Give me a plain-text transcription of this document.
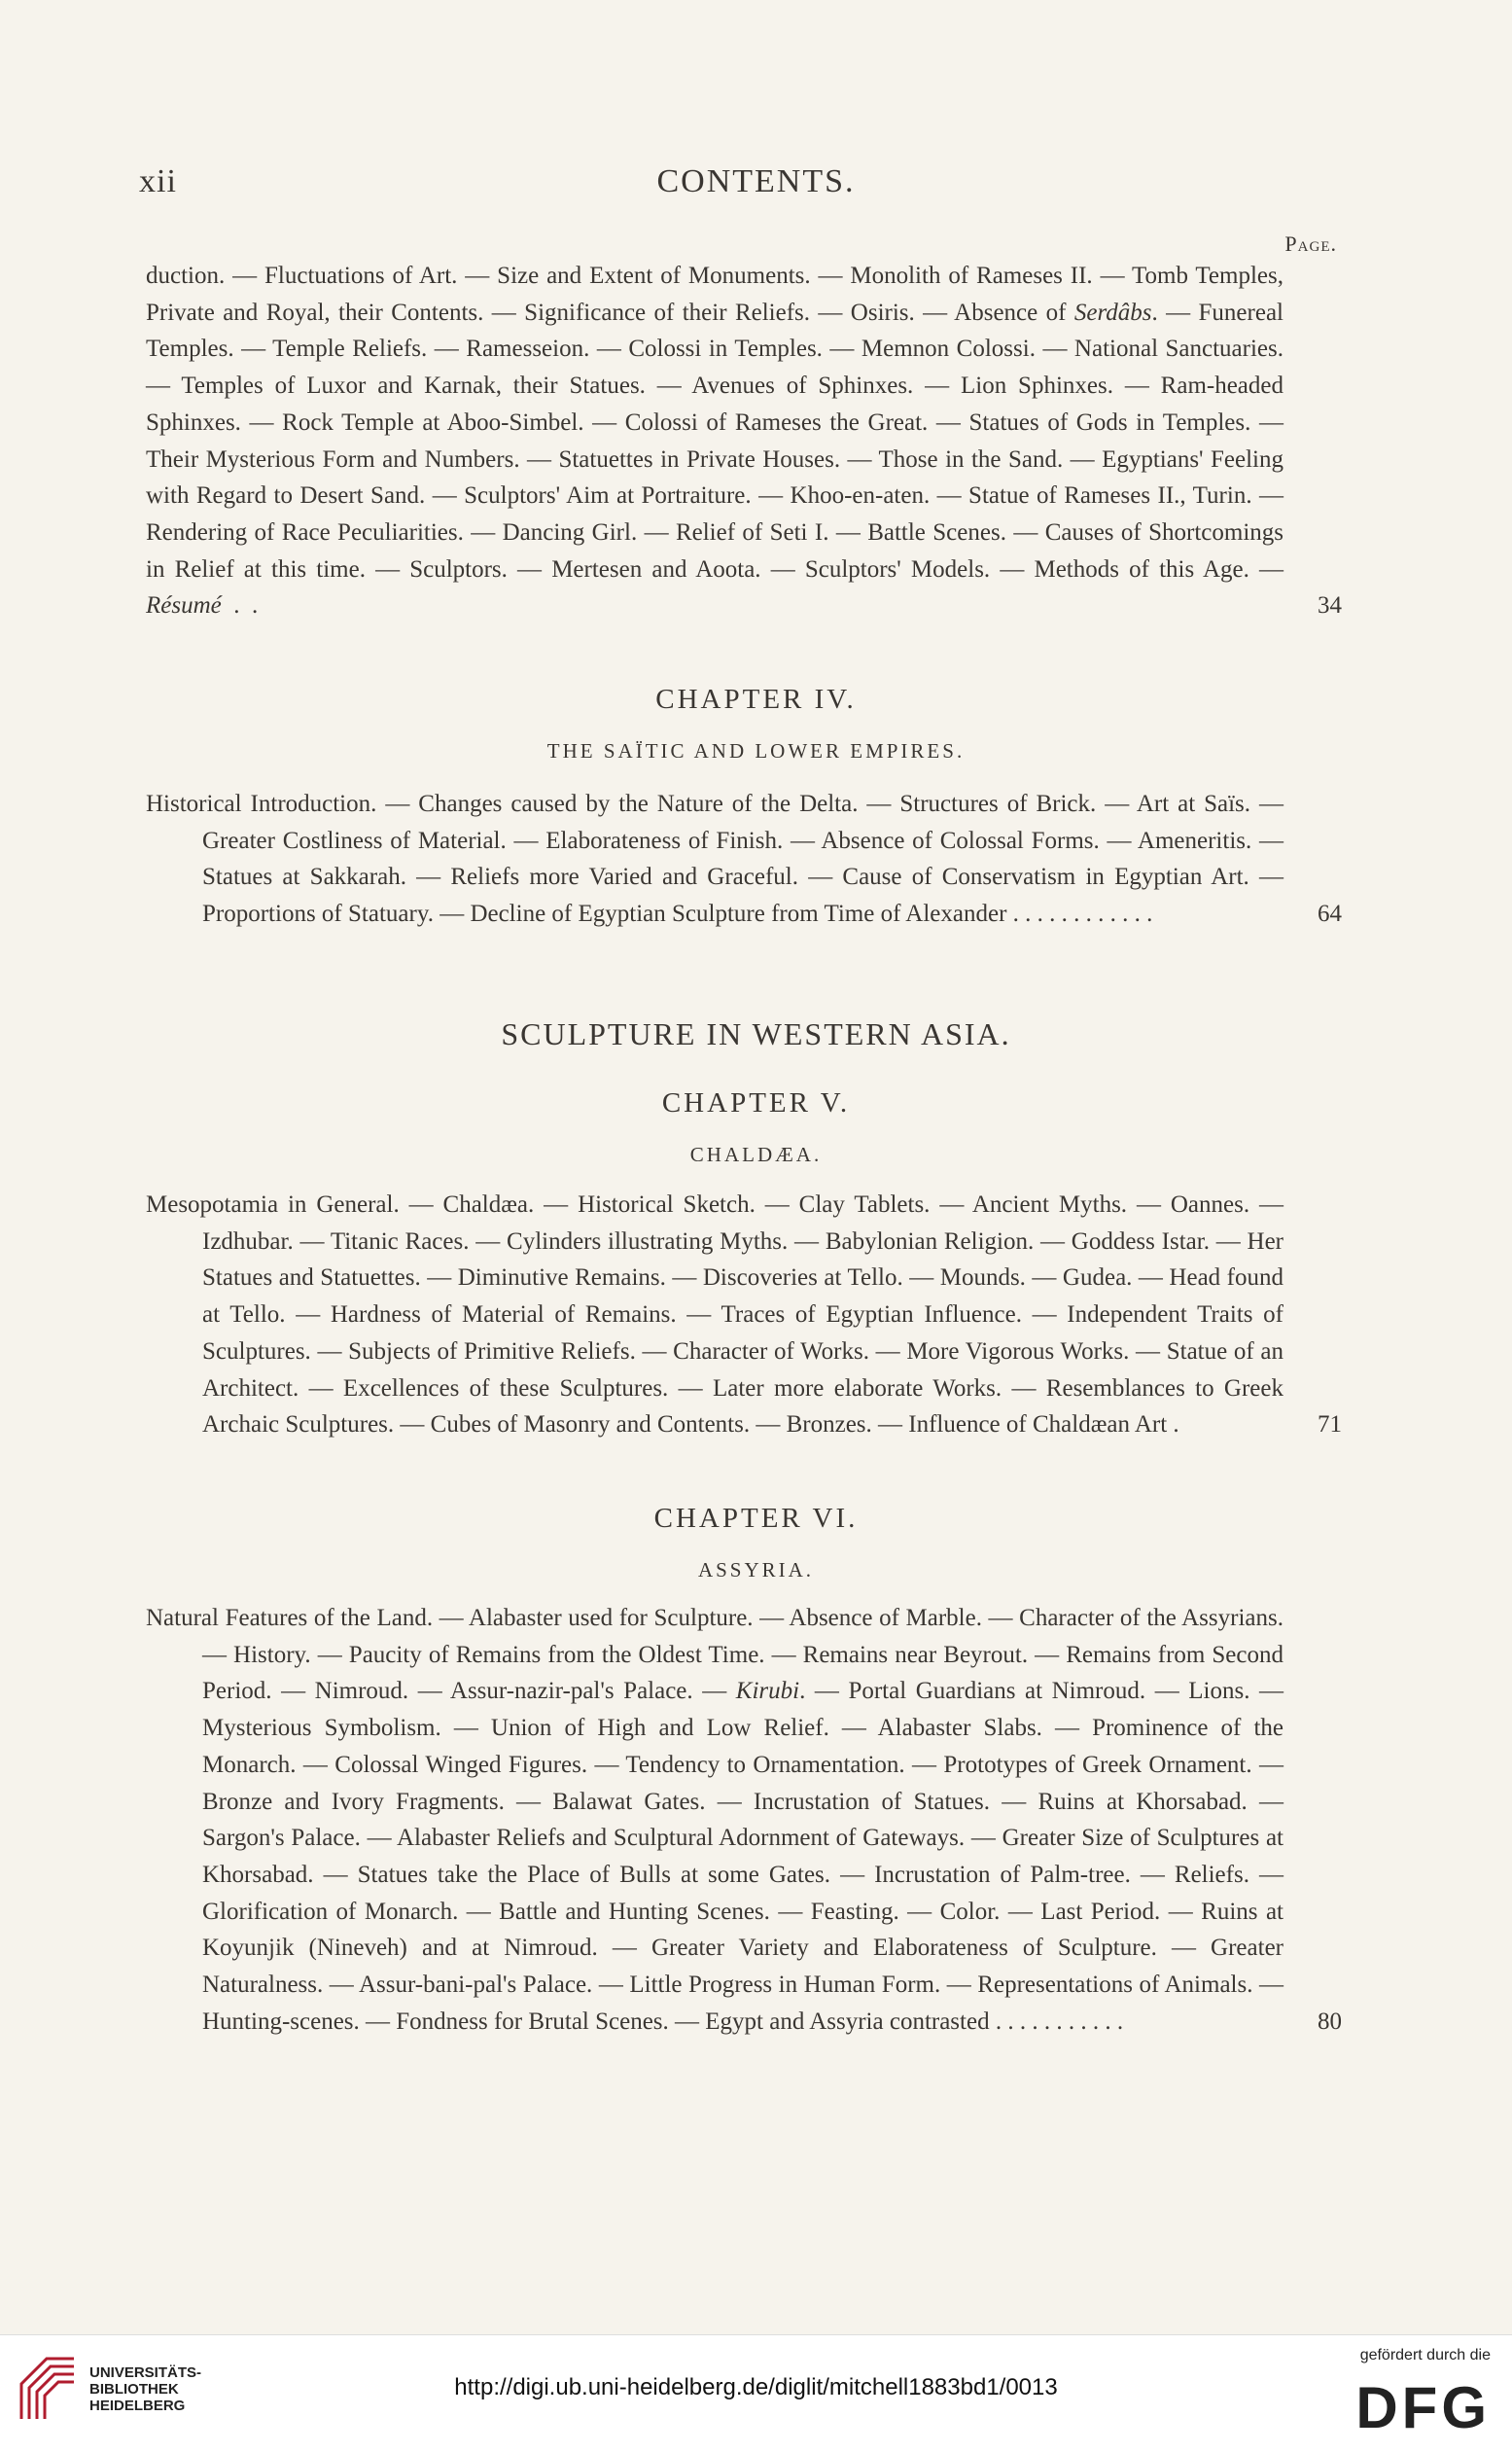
xii	CONTENTS.
Page.
duction. — Fluctuations of Art. — Size and Extent of Monuments. — Monolith of Rameses II. — Tomb Temples, Private and Royal, their Contents. — Significance of their Reliefs. — Osiris. — Absence of Serdâbs. — Funereal Temples. — Temple Reliefs. — Ramesseion. — Colossi in Temples. — Memnon Colossi. — National Sanctuaries. — Temples of Luxor and Karnak, their Statues. — Avenues of Sphinxes. — Lion Sphinxes. — Ram-headed Sphinxes. — Rock Temple at Aboo-Simbel. — Colossi of Rameses the Great. — Statues of Gods in Temples. — Their Mysterious Form and Numbers. — Statuettes in Private Houses. — Those in the Sand. — Egyptians' Feeling with Regard to Desert Sand. — Sculptors' Aim at Portraiture. — Khoo-en-aten. — Statue of Rameses II., Turin. — Rendering of Race Peculiarities. — Dancing Girl. — Relief of Seti I. — Battle Scenes. — Causes of Shortcomings in Relief at this time. — Sculptors. — Mertesen and Aoota. — Sculptors' Models. — Methods of this Age. — Résumé  .  .	34
CHAPTER IV.
THE SAÏTIC AND LOWER EMPIRES.
Historical Introduction. — Changes caused by the Nature of the Delta. — Structures of Brick. — Art at Saïs. — Greater Costliness of Material. — Elaborateness of Finish. — Absence of Colossal Forms. — Ameneritis. — Statues at Sakkarah. — Reliefs more Varied and Graceful. — Cause of Conservatism in Egyptian Art. — Proportions of Statuary. — Decline of Egyptian Sculpture from Time of Alexander . . . . . . . . . . . .	64
SCULPTURE IN WESTERN ASIA.
CHAPTER V.
CHALDÆA.
Mesopotamia in General. — Chaldæa. — Historical Sketch. — Clay Tablets. — Ancient Myths. — Oannes. — Izdhubar. — Titanic Races. — Cylinders illustrating Myths. — Babylonian Religion. — Goddess Istar. — Her Statues and Statuettes. — Diminutive Remains. — Discoveries at Tello. — Mounds. — Gudea. — Head found at Tello. — Hardness of Material of Remains. — Traces of Egyptian Influence. — Independent Traits of Sculptures. — Subjects of Primitive Reliefs. — Character of Works. — More Vigorous Works. — Statue of an Architect. — Excellences of these Sculptures. — Later more elaborate Works. — Resemblances to Greek Archaic Sculptures. — Cubes of Masonry and Contents. — Bronzes. — Influence of Chaldæan Art .	71
CHAPTER VI.
ASSYRIA.
Natural Features of the Land. — Alabaster used for Sculpture. — Absence of Marble. — Character of the Assyrians. — History. — Paucity of Remains from the Oldest Time. — Remains near Beyrout. — Remains from Second Period. — Nimroud. — Assur-nazir-pal's Palace. — Kirubi. — Portal Guardians at Nimroud. — Lions. — Mysterious Symbolism. — Union of High and Low Relief. — Alabaster Slabs. — Prominence of the Monarch. — Colossal Winged Figures. — Tendency to Ornamentation. — Prototypes of Greek Ornament. — Bronze and Ivory Fragments. — Balawat Gates. — Incrustation of Statues. — Ruins at Khorsabad. — Sargon's Palace. — Alabaster Reliefs and Sculptural Adornment of Gateways. — Greater Size of Sculptures at Khorsabad. — Statues take the Place of Bulls at some Gates. — Incrustation of Palm-tree. — Reliefs. — Glorification of Monarch. — Battle and Hunting Scenes. — Feasting. — Color. — Last Period. — Ruins at Koyunjik (Nineveh) and at Nimroud. — Greater Variety and Elaborateness of Sculpture. — Greater Naturalness. — Assur-bani-pal's Palace. — Little Progress in Human Form. — Representations of Animals. — Hunting-scenes. — Fondness for Brutal Scenes. — Egypt and Assyria contrasted . . . . . . . . . . .	80
UNIVERSITÄTS-
BIBLIOTHEK
HEIDELBERG
http://digi.ub.uni-heidelberg.de/diglit/mitchell1883bd1/0013
gefördert durch die
DFG
